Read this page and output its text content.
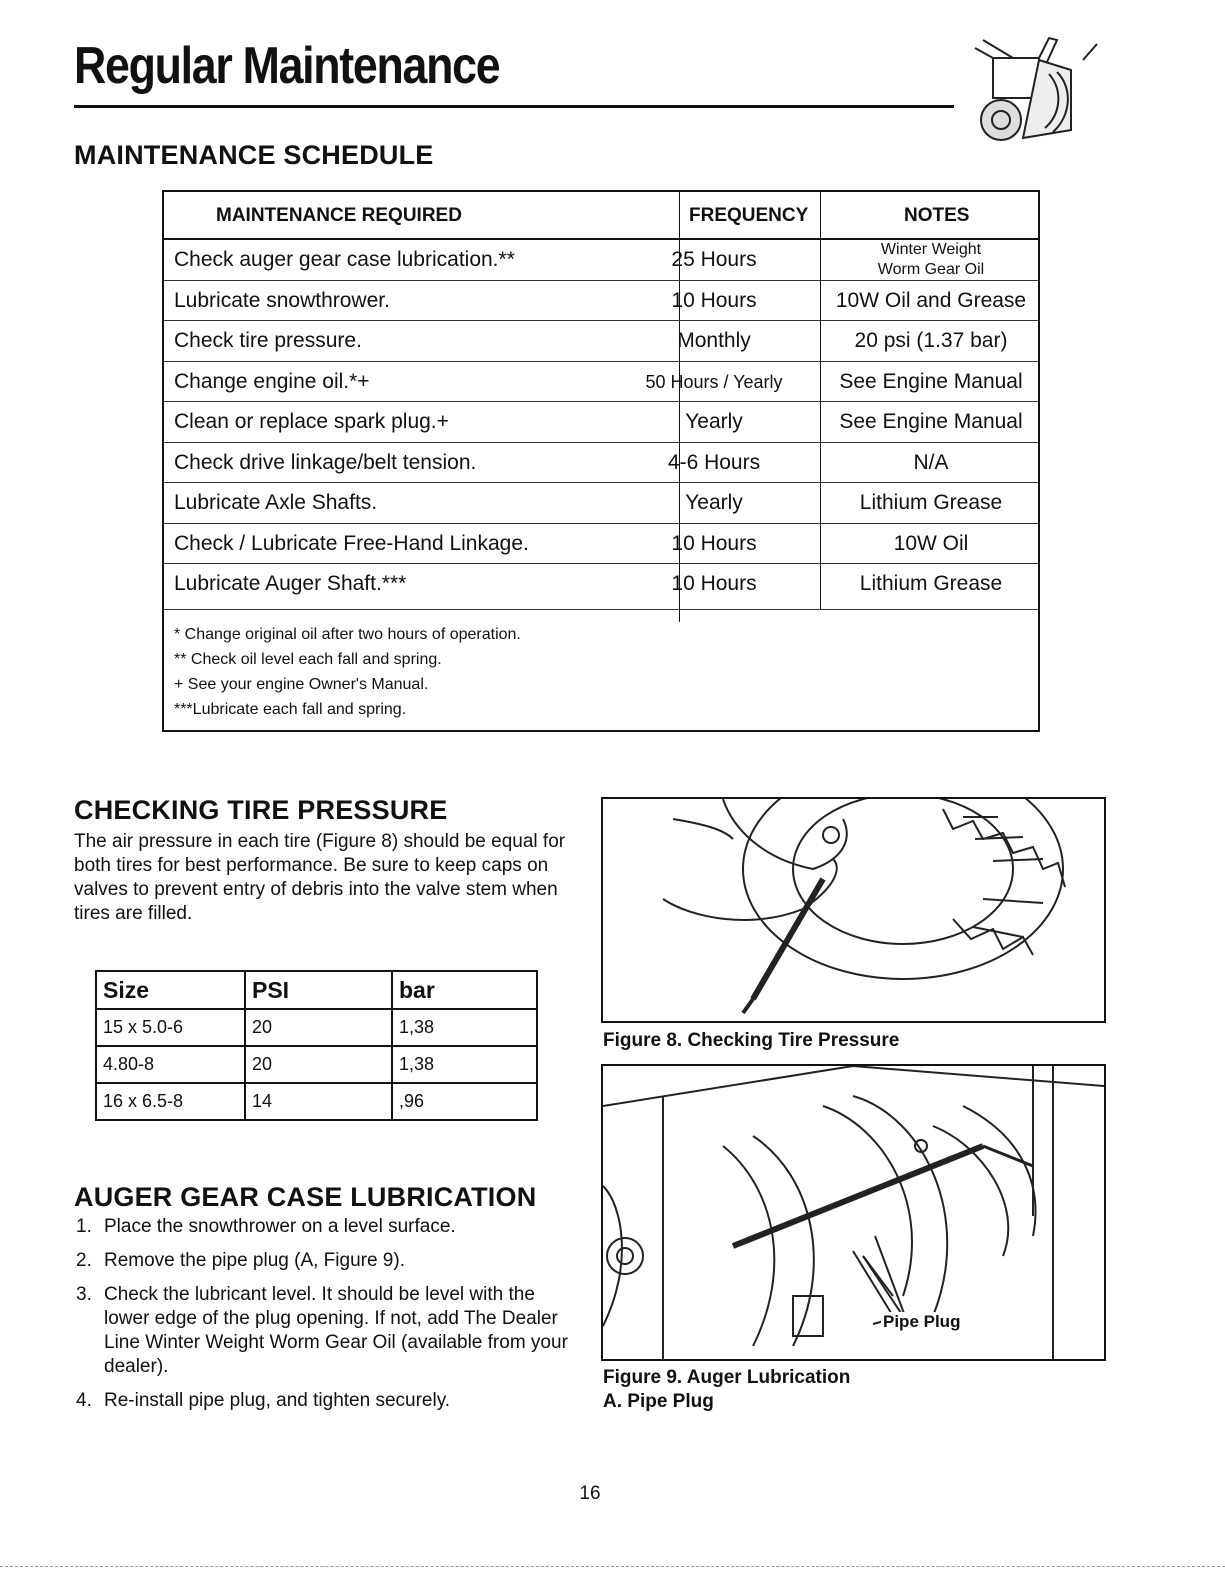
Regular Maintenance
MAINTENANCE SCHEDULE
MAINTENANCE REQUIRED	FREQUENCY	NOTES
Check auger gear case lubrication.**	25 Hours	Winter Weight
Worm Gear Oil
Lubricate snowthrower.	10 Hours	10W Oil and Grease
Check tire pressure.	Monthly	20 psi (1.37 bar)
Change engine oil.*+	50 Hours / Yearly	See Engine Manual
Clean or replace spark plug.+	Yearly	See Engine Manual
Check drive linkage/belt tension.	4-6 Hours	N/A
Lubricate Axle Shafts.	Yearly	Lithium Grease
Check / Lubricate Free-Hand Linkage.	10 Hours	10W Oil
Lubricate Auger Shaft.***	10 Hours	Lithium Grease
* Change original oil after two hours of operation.
** Check oil level each fall and spring.
+ See your engine Owner's Manual.
***Lubricate each fall and spring.
CHECKING TIRE PRESSURE
The air pressure in each tire (Figure 8) should be equal for both tires for best performance. Be sure to keep caps on valves to prevent entry of debris into the valve stem when tires are filled.
Size	PSI	bar
15 x 5.0-6	20	1,38
4.80-8	20	1,38
16 x 6.5-8	14	,96
AUGER GEAR CASE LUBRICATION
1. Place the snowthrower on a level surface.
2. Remove the pipe plug (A, Figure 9).
3. Check the lubricant level. It should be level with the lower edge of the plug opening. If not, add The Dealer Line Winter Weight Worm Gear Oil (available from your dealer).
4. Re-install pipe plug, and tighten securely.
Figure 8. Checking Tire Pressure
Pipe Plug
Figure 9. Auger Lubrication
A. Pipe Plug
16
